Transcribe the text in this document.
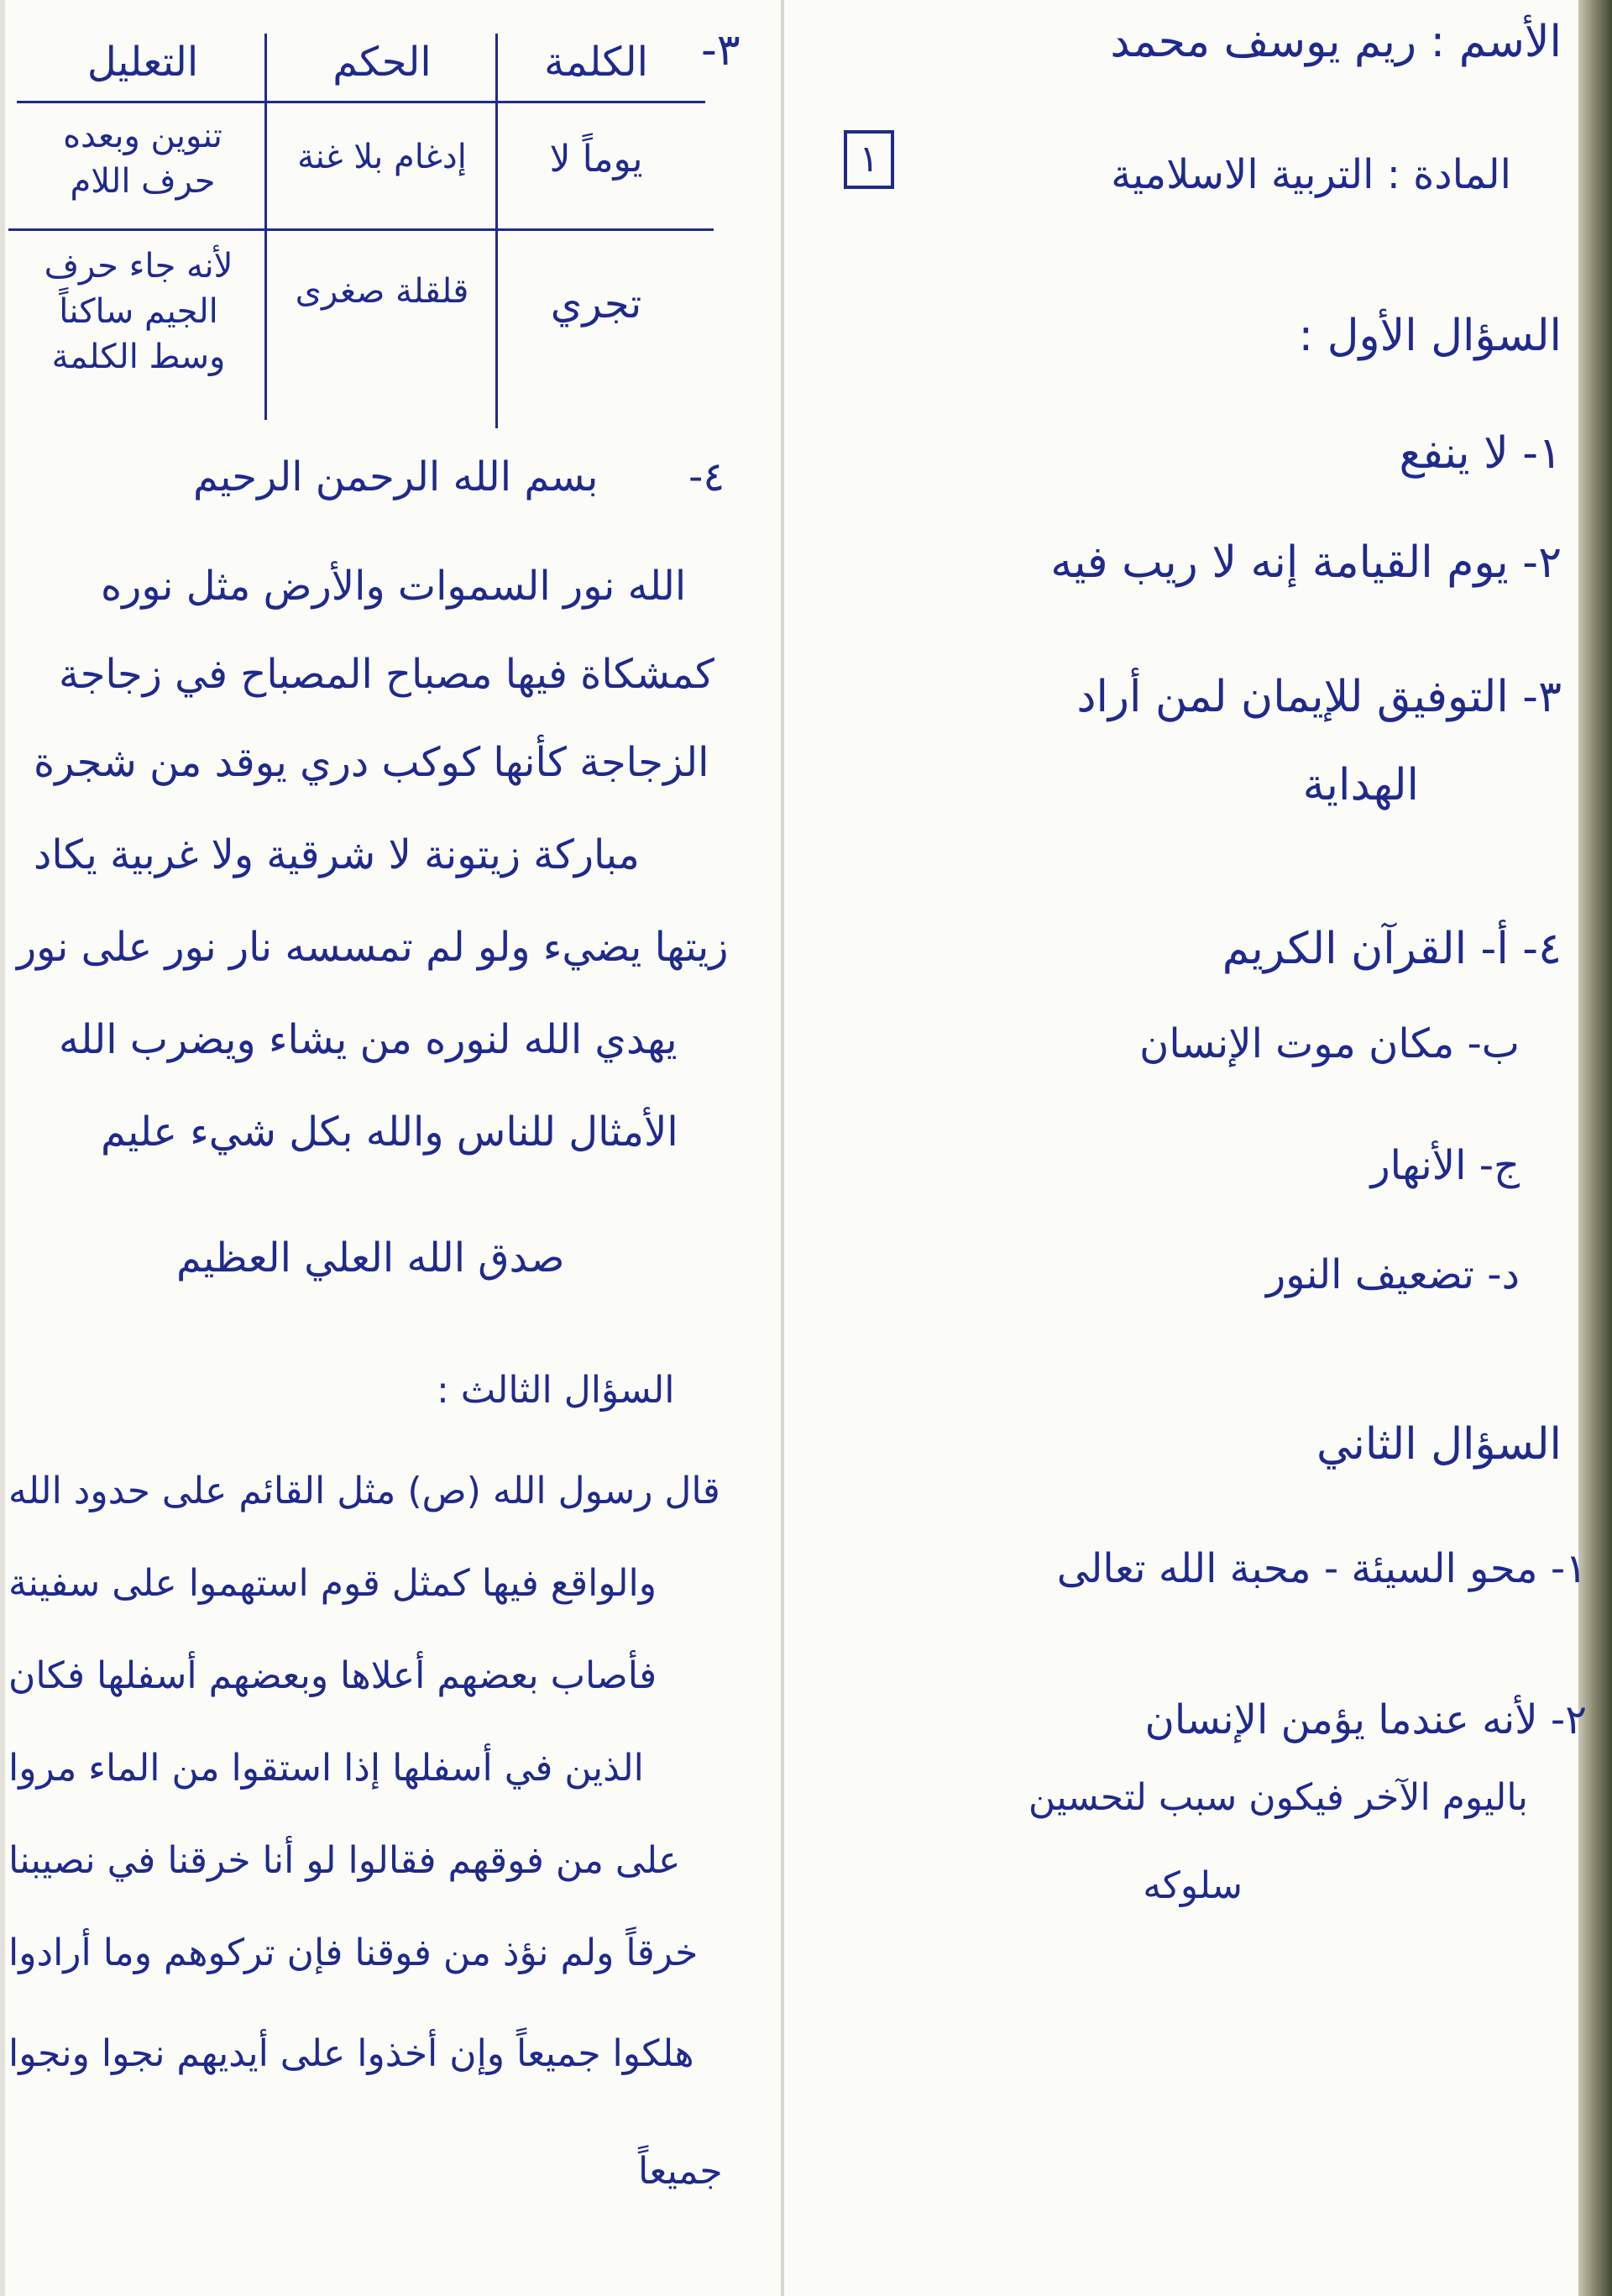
الأسم : ريم يوسف محمد
المادة : التربية الاسلامية
١
السؤال الأول :
١- لا ينفع
٢- يوم القيامة إنه لا ريب فيه
٣- التوفيق للإيمان لمن أراد
الهداية
٤- أ- القرآن الكريم
ب- مكان موت الإنسان
ج- الأنهار
د- تضعيف النور
السؤال الثاني
١- محو السيئة - محبة الله تعالى
٢- لأنه عندما يؤمن الإنسان
باليوم الآخر فيكون سبب لتحسين
سلوكه
٣-
الكلمة
الحكم
التعليل
يوماً لا
إدغام بلا غنة
تنوين وبعده حرف اللام
تجري
قلقلة صغرى
لأنه جاء حرف الجيم ساكناً وسط الكلمة
٤-
بسم الله الرحمن الرحيم
الله نور السموات والأرض مثل نوره
كمشكاة فيها مصباح المصباح في زجاجة
الزجاجة كأنها كوكب دري يوقد من شجرة
مباركة زيتونة لا شرقية ولا غربية يكاد
زيتها يضيء ولو لم تمسسه نار نور على نور
يهدي الله لنوره من يشاء ويضرب الله
الأمثال للناس والله بكل شيء عليم
صدق الله العلي العظيم
السؤال الثالث :
قال رسول الله (ص) مثل القائم على حدود الله
والواقع فيها كمثل قوم استهموا على سفينة
فأصاب بعضهم أعلاها وبعضهم أسفلها فكان
الذين في أسفلها إذا استقوا من الماء مروا
على من فوقهم فقالوا لو أنا خرقنا في نصيبنا
خرقاً ولم نؤذ من فوقنا فإن تركوهم وما أرادوا
هلكوا جميعاً وإن أخذوا على أيديهم نجوا ونجوا
جميعاً
